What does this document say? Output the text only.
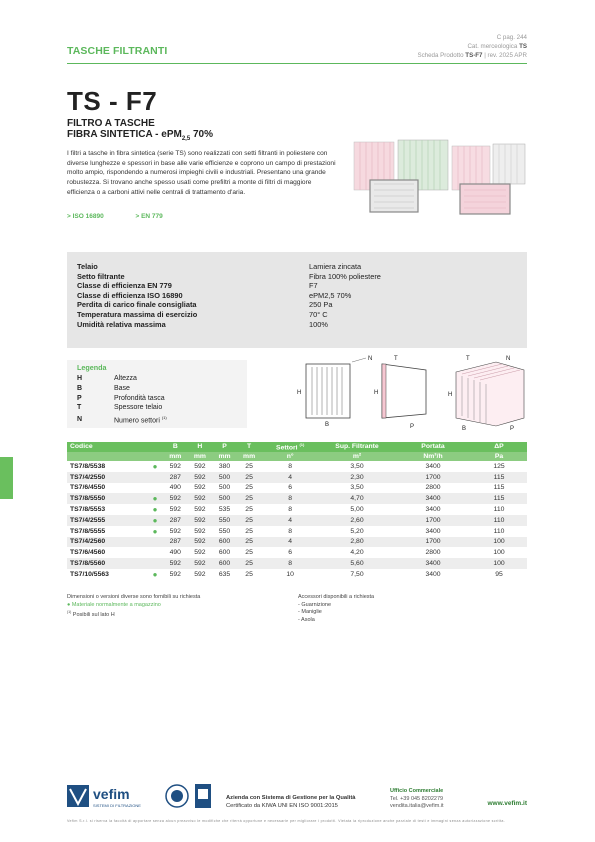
TASCHE FILTRANTI
C pag. 244
Cat. merceologica TS
Scheda Prodotto TS-F7 | rev. 2025 APR
TS - F7
FILTRO A TASCHE
FIBRA SINTETICA - ePM$_{2,5}$ 70%
I filtri a tasche in fibra sintetica (serie TS) sono realizzati con setti filtranti in poliestere con diverse lunghezze e spessori in base alle varie efficienze e coprono un campo di prestazioni molto ampio, rispondendo a numerosi impieghi civili e industriali. Presentano una grande robustezza. Si trovano anche spesso usati come prefiltri a monte di filtri di maggiore efficienza o a carboni attivi nelle centrali di trattamento d'aria.
> ISO 16890	> EN 779
Telaio	Lamiera zincata
Setto filtrante	Fibra 100% poliestere
Classe di efficienza EN 779	F7
Classe di efficienza ISO 16890	ePM2,5 70%
Perdita di carico finale consigliata	250 Pa
Temperatura massima di esercizio	70° C
Umidità relativa massima	100%
Legenda
H	Altezza
B	Base
P	Profondità tasca
T	Spessore telaio
N	Numero settori $^{(1)}$
H
B
N	T
H
P
T	N
H
B	P
Codice		B	H	P	T	Settori $^{(1)}$	Sup. Filtrante	Portata	ΔP
		mm	mm	mm	mm	n°	m²	Nm³/h	Pa
TS7/8/5538	●	592	592	380	25	8	3,50	3400	125
TS7/4/2550		287	592	500	25	4	2,30	1700	115
TS7/6/4550		490	592	500	25	6	3,50	2800	115
TS7/8/5550	●	592	592	500	25	8	4,70	3400	115
TS7/8/5553	●	592	592	535	25	8	5,00	3400	110
TS7/4/2555	●	287	592	550	25	4	2,60	1700	110
TS7/8/5555	●	592	592	550	25	8	5,20	3400	110
TS7/4/2560		287	592	600	25	4	2,80	1700	100
TS7/6/4560		490	592	600	25	6	4,20	2800	100
TS7/8/5560		592	592	600	25	8	5,60	3400	100
TS7/10/5563	●	592	592	635	25	10	7,50	3400	95
Dimensioni o versioni diverse sono fornibili su richiesta
● Materiale normalmente a magazzino
$^{(1)}$ Posibili sul lato H
Accessori disponibili a richiesta
- Guarnizione
- Maniglie
- Asola
vefim
SISTEMI DI FILTRAZIONE
Azienda con Sistema di Gestione per la Qualità
Certificato da KIWA UNI EN ISO 9001:2015
Ufficio Commerciale
Tel. +39 045 8202279
vendita.italia@vefim.it	www.vefim.it
Vefim S.r.l. si riserva la facoltà di apportare senza alcun preavviso le modifiche che riterrà opportune e necessarie per migliorare i prodotti. Vietata la riproduzione anche parziale di testi e immagini senza autorizzazione scritta.
